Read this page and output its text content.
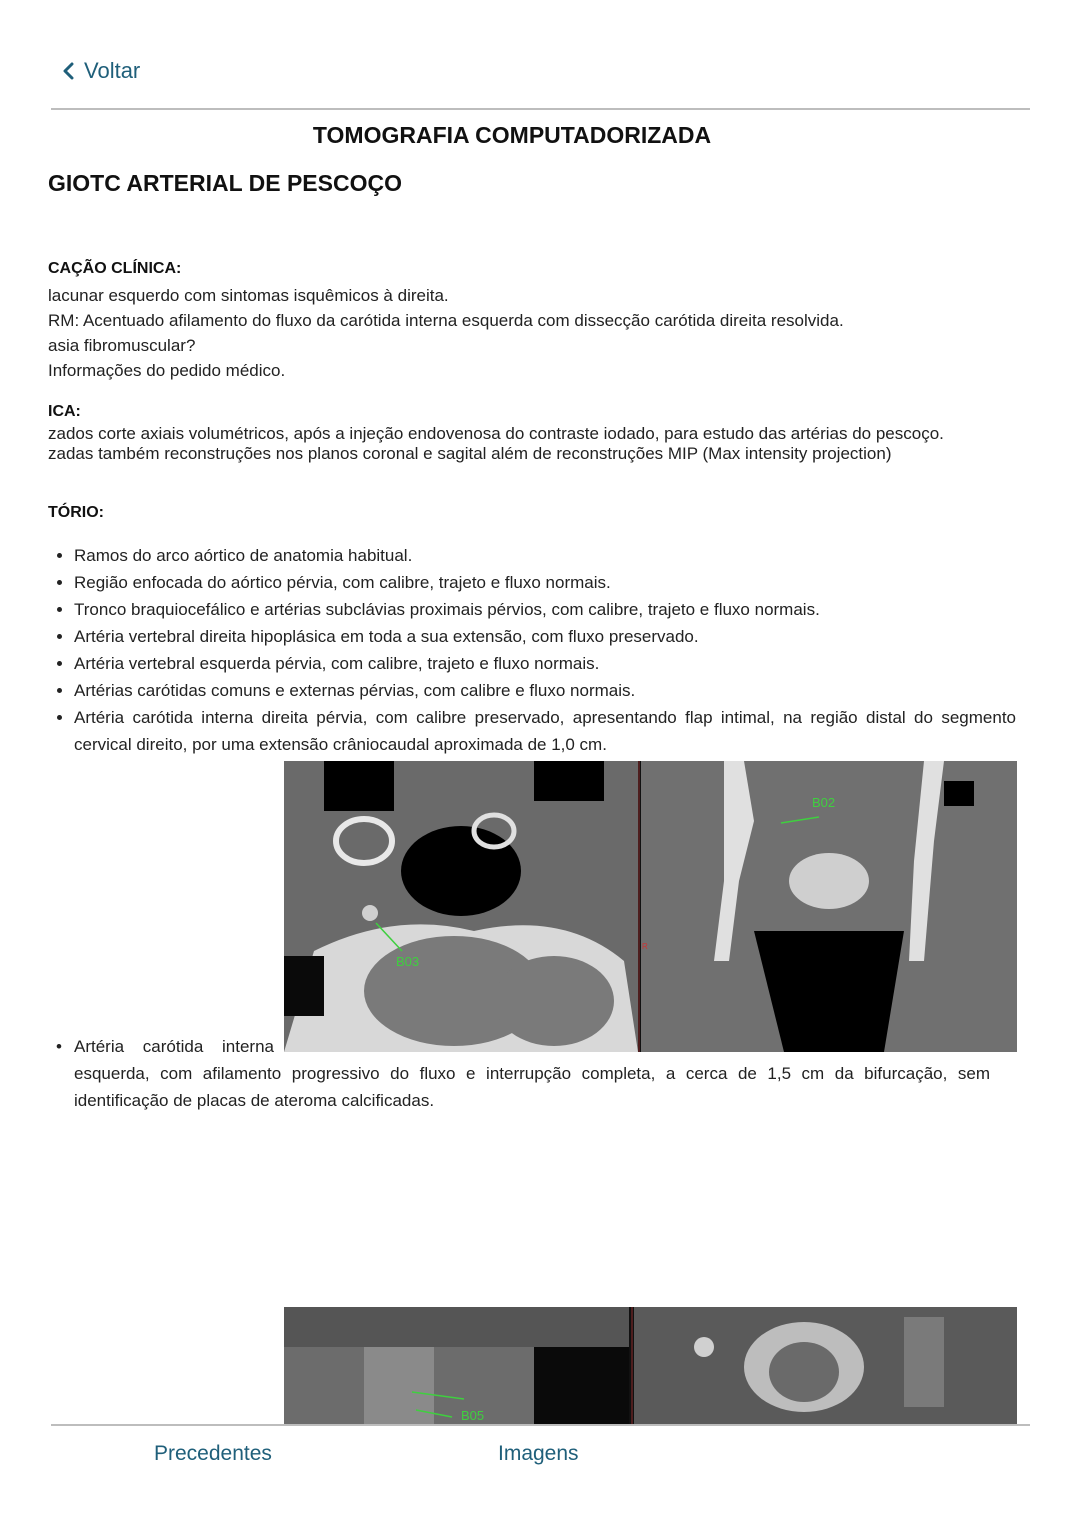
Voltar
TOMOGRAFIA COMPUTADORIZADA
GIOTC ARTERIAL DE PESCOÇO
CAÇÃO CLÍNICA:
lacunar esquerdo com sintomas isquêmicos à direita.
RM: Acentuado afilamento do fluxo da carótida interna esquerda com dissecção carótida direita resolvida.
asia fibromuscular?
Informações do pedido médico.
ICA:
zados corte axiais volumétricos, após a injeção endovenosa do contraste iodado, para estudo das artérias do pescoço.
zadas também reconstruções nos planos coronal e sagital além de reconstruções MIP (Max intensity projection)
TÓRIO:
• Ramos do arco aórtico de anatomia habitual.
• Região enfocada do aórtico pérvia, com calibre, trajeto e fluxo normais.
• Tronco braquiocefálico e artérias subclávias proximais pérvios, com calibre, trajeto e fluxo normais.
• Artéria vertebral direita hipoplásica em toda a sua extensão, com fluxo preservado.
• Artéria vertebral esquerda pérvia, com calibre, trajeto e fluxo normais.
• Artérias carótidas comuns e externas pérvias, com calibre e fluxo normais.
• Artéria carótida interna direita pérvia, com calibre preservado, apresentando flap intimal, na região distal do segmento cervical direito, por uma extensão crâniocaudal aproximada de 1,0 cm.
B03
B02
R
• Artéria carótida interna
esquerda, com afilamento progressivo do fluxo e interrupção completa, a cerca de 1,5 cm da bifurcação, sem identificação de placas de ateroma calcificadas.
B05
Precedentes	Imagens
